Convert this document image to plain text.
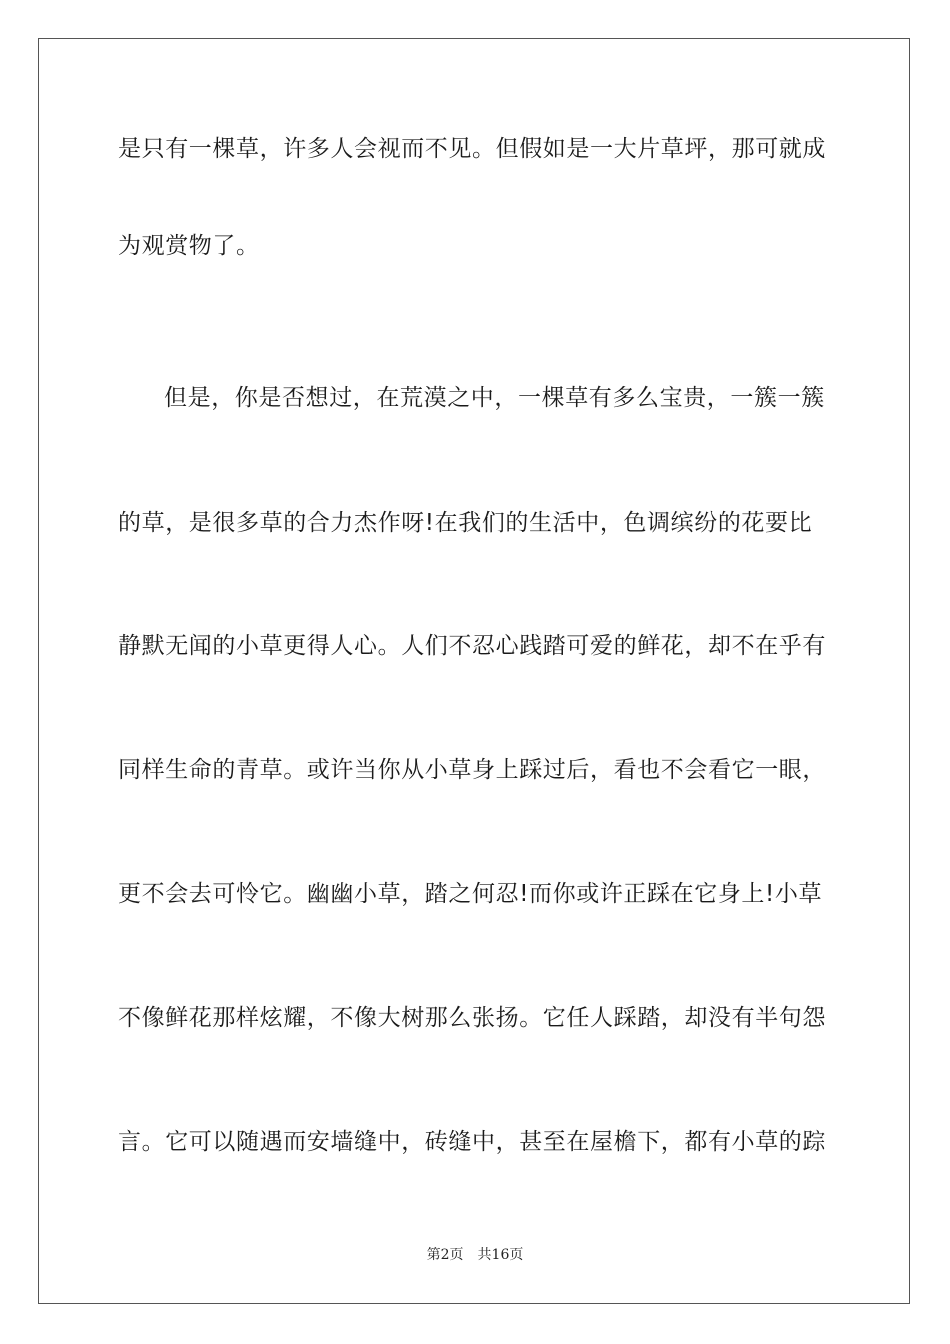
是只有一棵草，许多人会视而不见。但假如是一大片草坪，那可就成
为观赏物了。
但是，你是否想过，在荒漠之中，一棵草有多么宝贵，一簇一簇
的草，是很多草的合力杰作呀!在我们的生活中，色调缤纷的花要比
静默无闻的小草更得人心。人们不忍心践踏可爱的鲜花，却不在乎有
同样生命的青草。或许当你从小草身上踩过后，看也不会看它一眼，
更不会去可怜它。幽幽小草，踏之何忍!而你或许正踩在它身上!小草
不像鲜花那样炫耀，不像大树那么张扬。它任人踩踏，却没有半句怨
言。它可以随遇而安墙缝中，砖缝中，甚至在屋檐下，都有小草的踪
第2页 共16页
